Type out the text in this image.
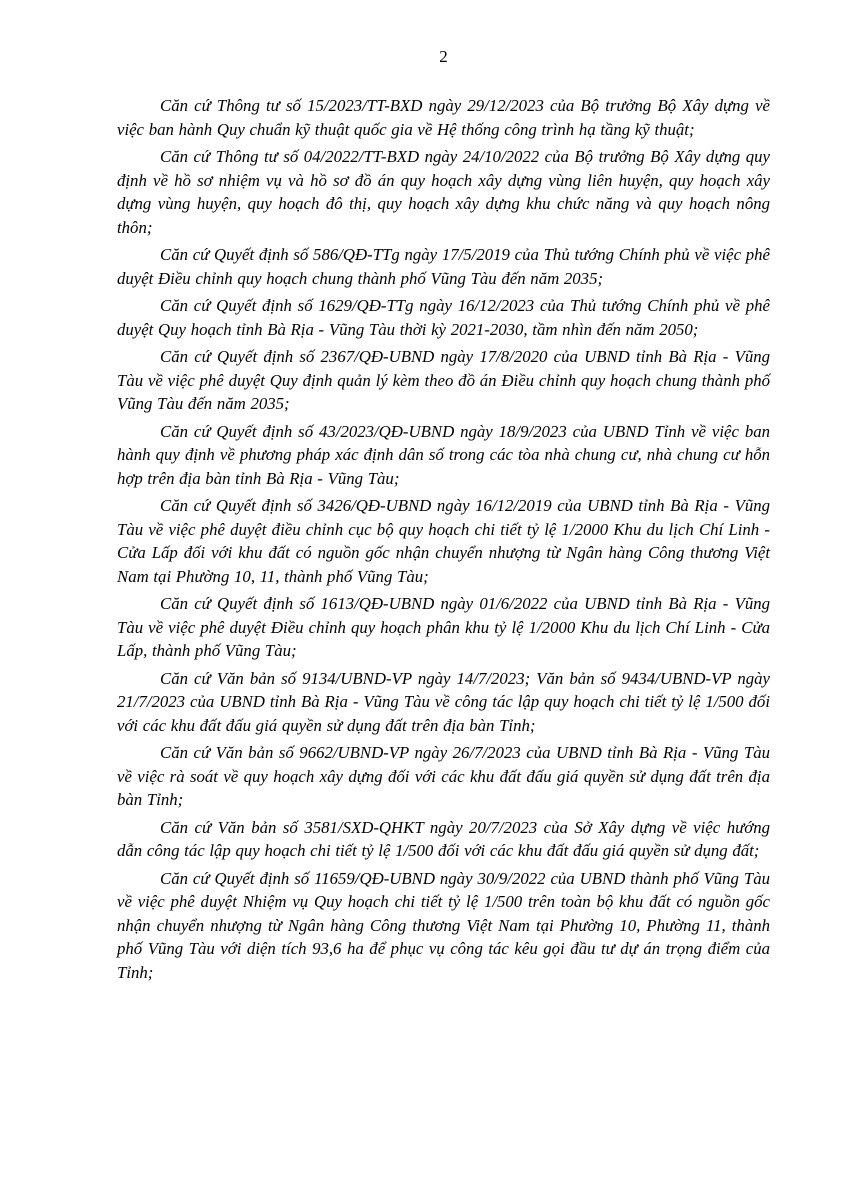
2

Căn cứ Thông tư số 15/2023/TT-BXD ngày 29/12/2023 của Bộ trưởng Bộ Xây dựng về việc ban hành Quy chuẩn kỹ thuật quốc gia về Hệ thống công trình hạ tầng kỹ thuật;

Căn cứ Thông tư số 04/2022/TT-BXD ngày 24/10/2022 của Bộ trưởng Bộ Xây dựng quy định về hồ sơ nhiệm vụ và hồ sơ đồ án quy hoạch xây dựng vùng liên huyện, quy hoạch xây dựng vùng huyện, quy hoạch đô thị, quy hoạch xây dựng khu chức năng và quy hoạch nông thôn;

Căn cứ Quyết định số 586/QĐ-TTg ngày 17/5/2019 của Thủ tướng Chính phủ về việc phê duyệt Điều chỉnh quy hoạch chung thành phố Vũng Tàu đến năm 2035;

Căn cứ Quyết định số 1629/QĐ-TTg ngày 16/12/2023 của Thủ tướng Chính phủ về phê duyệt Quy hoạch tỉnh Bà Rịa - Vũng Tàu thời kỳ 2021-2030, tầm nhìn đến năm 2050;

Căn cứ Quyết định số 2367/QĐ-UBND ngày 17/8/2020 của UBND tỉnh Bà Rịa - Vũng Tàu về việc phê duyệt Quy định quản lý kèm theo đồ án Điều chỉnh quy hoạch chung thành phố Vũng Tàu đến năm 2035;

Căn cứ Quyết định số 43/2023/QĐ-UBND ngày 18/9/2023 của UBND Tỉnh về việc ban hành quy định về phương pháp xác định dân số trong các tòa nhà chung cư, nhà chung cư hỗn hợp trên địa bàn tỉnh Bà Rịa - Vũng Tàu;

Căn cứ Quyết định số 3426/QĐ-UBND ngày 16/12/2019 của UBND tỉnh Bà Rịa - Vũng Tàu về việc phê duyệt điều chỉnh cục bộ quy hoạch chi tiết tỷ lệ 1/2000 Khu du lịch Chí Linh - Cửa Lấp đối với khu đất có nguồn gốc nhận chuyển nhượng từ Ngân hàng Công thương Việt Nam tại Phường 10, 11, thành phố Vũng Tàu;

Căn cứ Quyết định số 1613/QĐ-UBND ngày 01/6/2022 của UBND tỉnh Bà Rịa - Vũng Tàu về việc phê duyệt Điều chỉnh quy hoạch phân khu tỷ lệ 1/2000 Khu du lịch Chí Linh - Cửa Lấp, thành phố Vũng Tàu;

Căn cứ Văn bản số 9134/UBND-VP ngày 14/7/2023; Văn bản số 9434/UBND-VP ngày 21/7/2023 của UBND tỉnh Bà Rịa - Vũng Tàu về công tác lập quy hoạch chi tiết tỷ lệ 1/500 đối với các khu đất đấu giá quyền sử dụng đất trên địa bàn Tỉnh;

Căn cứ Văn bản số 9662/UBND-VP ngày 26/7/2023 của UBND tỉnh Bà Rịa - Vũng Tàu về việc rà soát về quy hoạch xây dựng đối với các khu đất đấu giá quyền sử dụng đất trên địa bàn Tỉnh;

Căn cứ Văn bản số 3581/SXD-QHKT ngày 20/7/2023 của Sở Xây dựng về việc hướng dẫn công tác lập quy hoạch chi tiết tỷ lệ 1/500 đối với các khu đất đấu giá quyền sử dụng đất;

Căn cứ Quyết định số 11659/QĐ-UBND ngày 30/9/2022 của UBND thành phố Vũng Tàu về việc phê duyệt Nhiệm vụ Quy hoạch chi tiết tỷ lệ 1/500 trên toàn bộ khu đất có nguồn gốc nhận chuyển nhượng từ Ngân hàng Công thương Việt Nam tại Phường 10, Phường 11, thành phố Vũng Tàu với diện tích 93,6 ha để phục vụ công tác kêu gọi đầu tư dự án trọng điểm của Tỉnh;
